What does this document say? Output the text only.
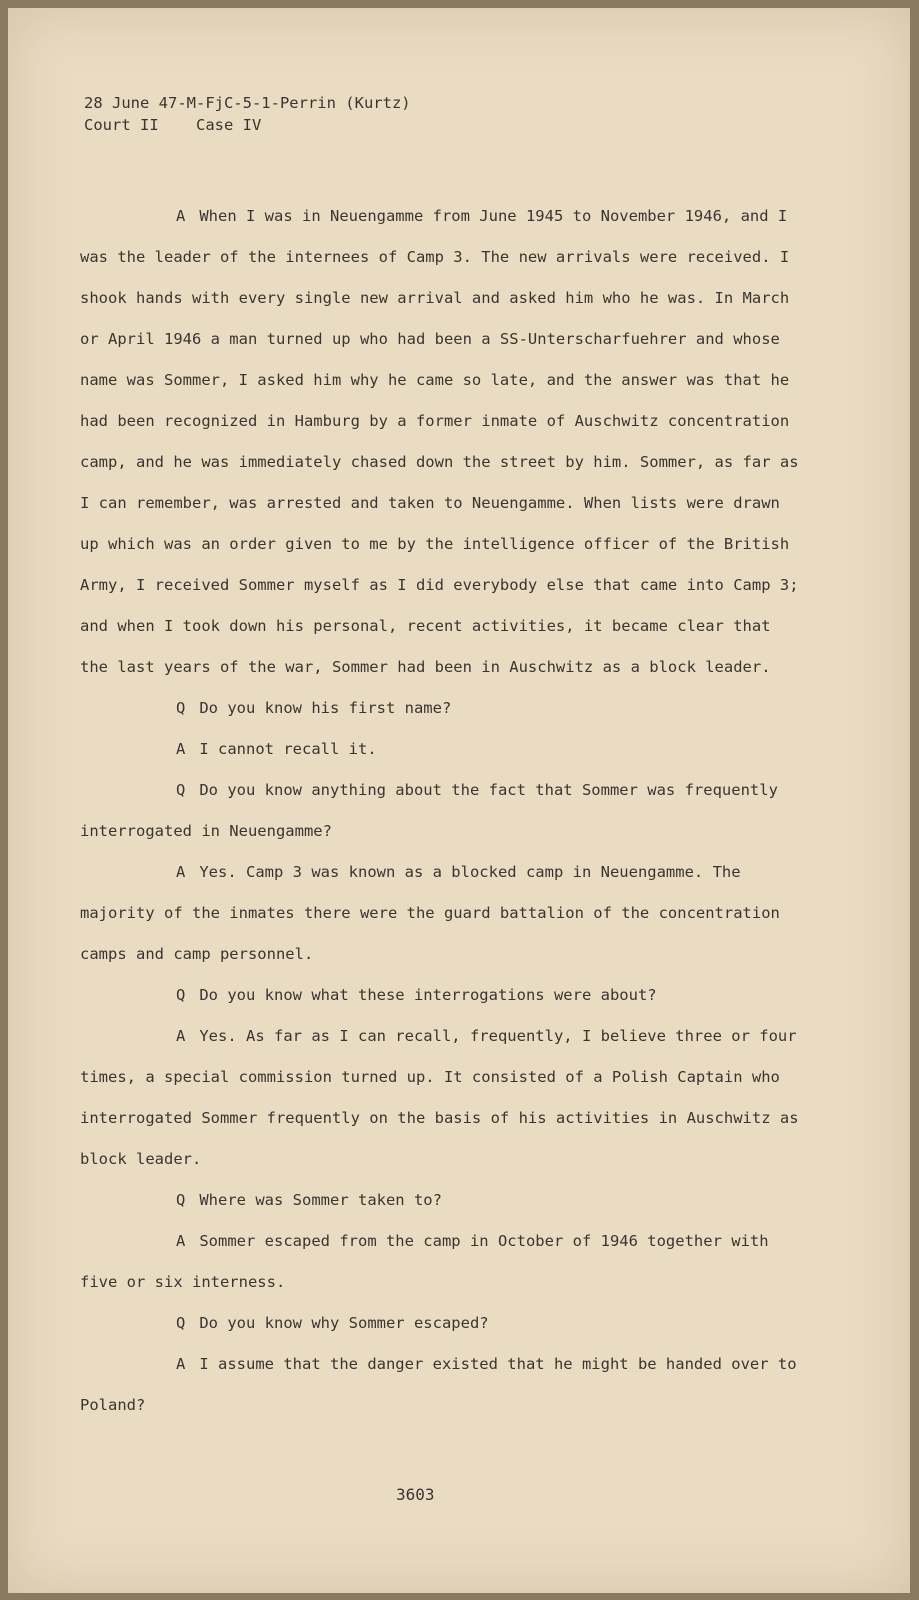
28 June 47-M-FjC-5-1-Perrin (Kurtz)
Court II    Case IV

A When I was in Neuengamme from June 1945 to November 1946, and I was the leader of the internees of Camp 3. The new arrivals were received. I shook hands with every single new arrival and asked him who he was. In March or April 1946 a man turned up who had been a SS-Unterscharfuehrer and whose name was Sommer, I asked him why he came so late, and the answer was that he had been recognized in Hamburg by a former inmate of Auschwitz concentration camp, and he was immediately chased down the street by him. Sommer, as far as I can remember, was arrested and taken to Neuengamme. When lists were drawn up which was an order given to me by the intelligence officer of the British Army, I received Sommer myself as I did everybody else that came into Camp 3; and when I took down his personal, recent activities, it became clear that the last years of the war, Sommer had been in Auschwitz as a block leader.

Q Do you know his first name?

A I cannot recall it.

Q Do you know anything about the fact that Sommer was frequently interrogated in Neuengamme?

A Yes. Camp 3 was known as a blocked camp in Neuengamme. The majority of the inmates there were the guard battalion of the concentration camps and camp personnel.

Q Do you know what these interrogations were about?

A Yes. As far as I can recall, frequently, I believe three or four times, a special commission turned up. It consisted of a Polish Captain who interrogated Sommer frequently on the basis of his activities in Auschwitz as block leader.

Q Where was Sommer taken to?

A Sommer escaped from the camp in October of 1946 together with five or six interness.

Q Do you know why Sommer escaped?

A I assume that the danger existed that he might be handed over to Poland?

3603
